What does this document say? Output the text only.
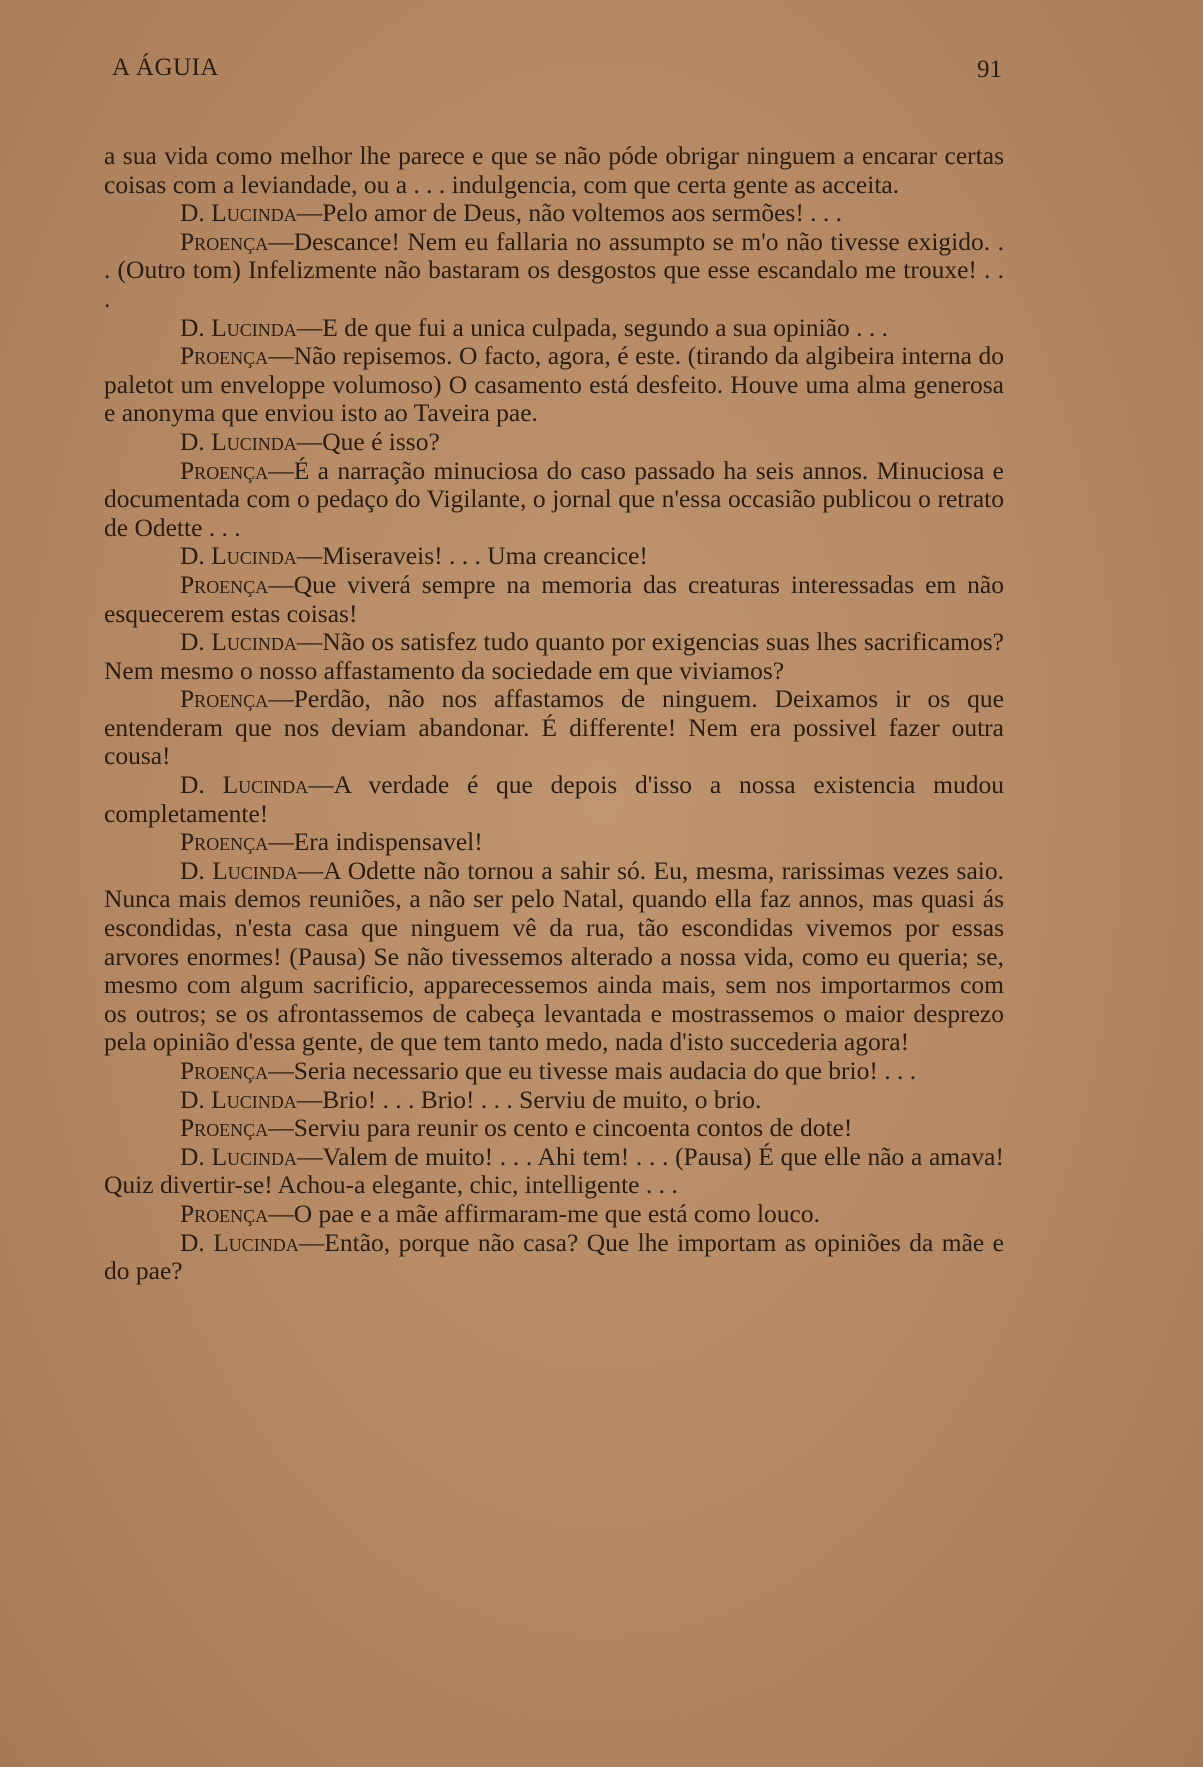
A ÁGUIA	91

a sua vida como melhor lhe parece e que se não póde obrigar ninguem a encarar certas coisas com a leviandade, ou a . . . indulgencia, com que certa gente as acceita.

D. Lucinda—Pelo amor de Deus, não voltemos aos sermões! . . .

Proença—Descance! Nem eu fallaria no assumpto se m'o não tivesse exigido. . . (Outro tom) Infelizmente não bastaram os desgostos que esse escandalo me trouxe! . . .

D. Lucinda—E de que fui a unica culpada, segundo a sua opinião . . .

Proença—Não repisemos. O facto, agora, é este. (tirando da algibeira interna do paletot um enveloppe volumoso) O casamento está desfeito. Houve uma alma generosa e anonyma que enviou isto ao Taveira pae.

D. Lucinda—Que é isso?

Proença—É a narração minuciosa do caso passado ha seis annos. Minuciosa e documentada com o pedaço do Vigilante, o jornal que n'essa occasião publicou o retrato de Odette . . .

D. Lucinda—Miseraveis! . . . Uma creancice!

Proença—Que viverá sempre na memoria das creaturas interessadas em não esquecerem estas coisas!

D. Lucinda—Não os satisfez tudo quanto por exigencias suas lhes sacrificamos? Nem mesmo o nosso affastamento da sociedade em que viviamos?

Proença—Perdão, não nos affastamos de ninguem. Deixamos ir os que entenderam que nos deviam abandonar. É differente! Nem era possivel fazer outra cousa!

D. Lucinda—A verdade é que depois d'isso a nossa existencia mudou completamente!

Proença—Era indispensavel!

D. Lucinda—A Odette não tornou a sahir só. Eu, mesma, rarissimas vezes saio. Nunca mais demos reuniões, a não ser pelo Natal, quando ella faz annos, mas quasi ás escondidas, n'esta casa que ninguem vê da rua, tão escondidas vivemos por essas arvores enormes! (Pausa) Se não tivessemos alterado a nossa vida, como eu queria; se, mesmo com algum sacrificio, apparecessemos ainda mais, sem nos importarmos com os outros; se os afrontassemos de cabeça levantada e mostrassemos o maior desprezo pela opinião d'essa gente, de que tem tanto medo, nada d'isto succederia agora!

Proença—Seria necessario que eu tivesse mais audacia do que brio! . . .

D. Lucinda—Brio! . . . Brio! . . . Serviu de muito, o brio.

Proença—Serviu para reunir os cento e cincoenta contos de dote!

D. Lucinda—Valem de muito! . . . Ahi tem! . . . (Pausa) É que elle não a amava! Quiz divertir-se! Achou-a elegante, chic, intelligente . . .

Proença—O pae e a mãe affirmaram-me que está como louco.

D. Lucinda—Então, porque não casa? Que lhe importam as opiniões da mãe e do pae?
